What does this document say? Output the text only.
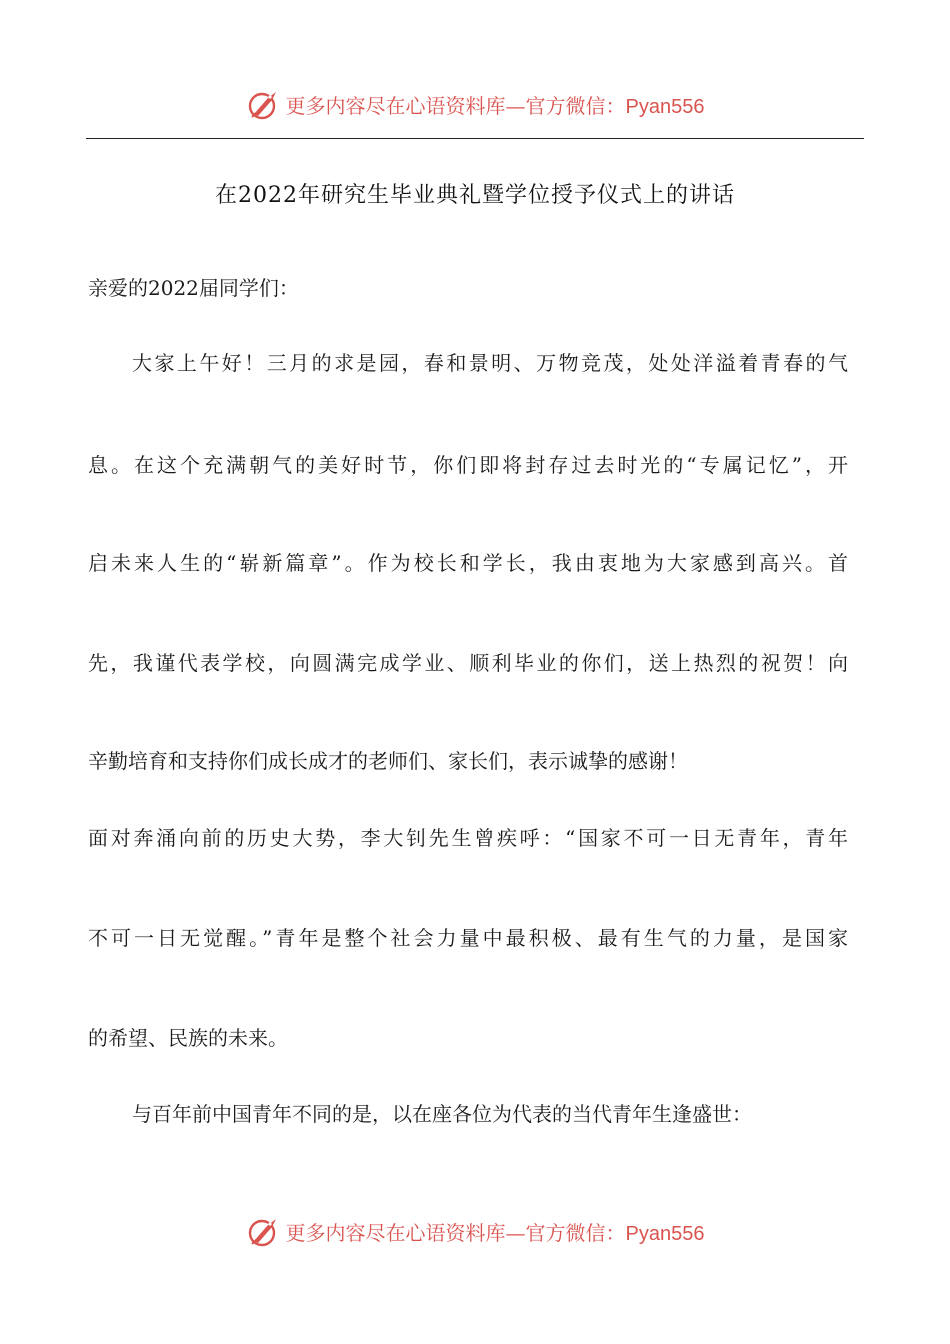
更多内容尽在心语资料库—官方微信：Pyan556
在2022年研究生毕业典礼暨学位授予仪式上的讲话
亲爱的2022届同学们：
大家上午好！三月的求是园，春和景明、万物竞茂，处处洋溢着青春的气
息。在这个充满朝气的美好时节，你们即将封存过去时光的“专属记忆”，开
启未来人生的“崭新篇章”。作为校长和学长，我由衷地为大家感到高兴。首
先，我谨代表学校，向圆满完成学业、顺利毕业的你们，送上热烈的祝贺！向
辛勤培育和支持你们成长成才的老师们、家长们，表示诚挚的感谢！
面对奔涌向前的历史大势，李大钊先生曾疾呼：“国家不可一日无青年，青年
不可一日无觉醒。”青年是整个社会力量中最积极、最有生气的力量，是国家
的希望、民族的未来。
与百年前中国青年不同的是，以在座各位为代表的当代青年生逢盛世：
更多内容尽在心语资料库—官方微信：Pyan556
